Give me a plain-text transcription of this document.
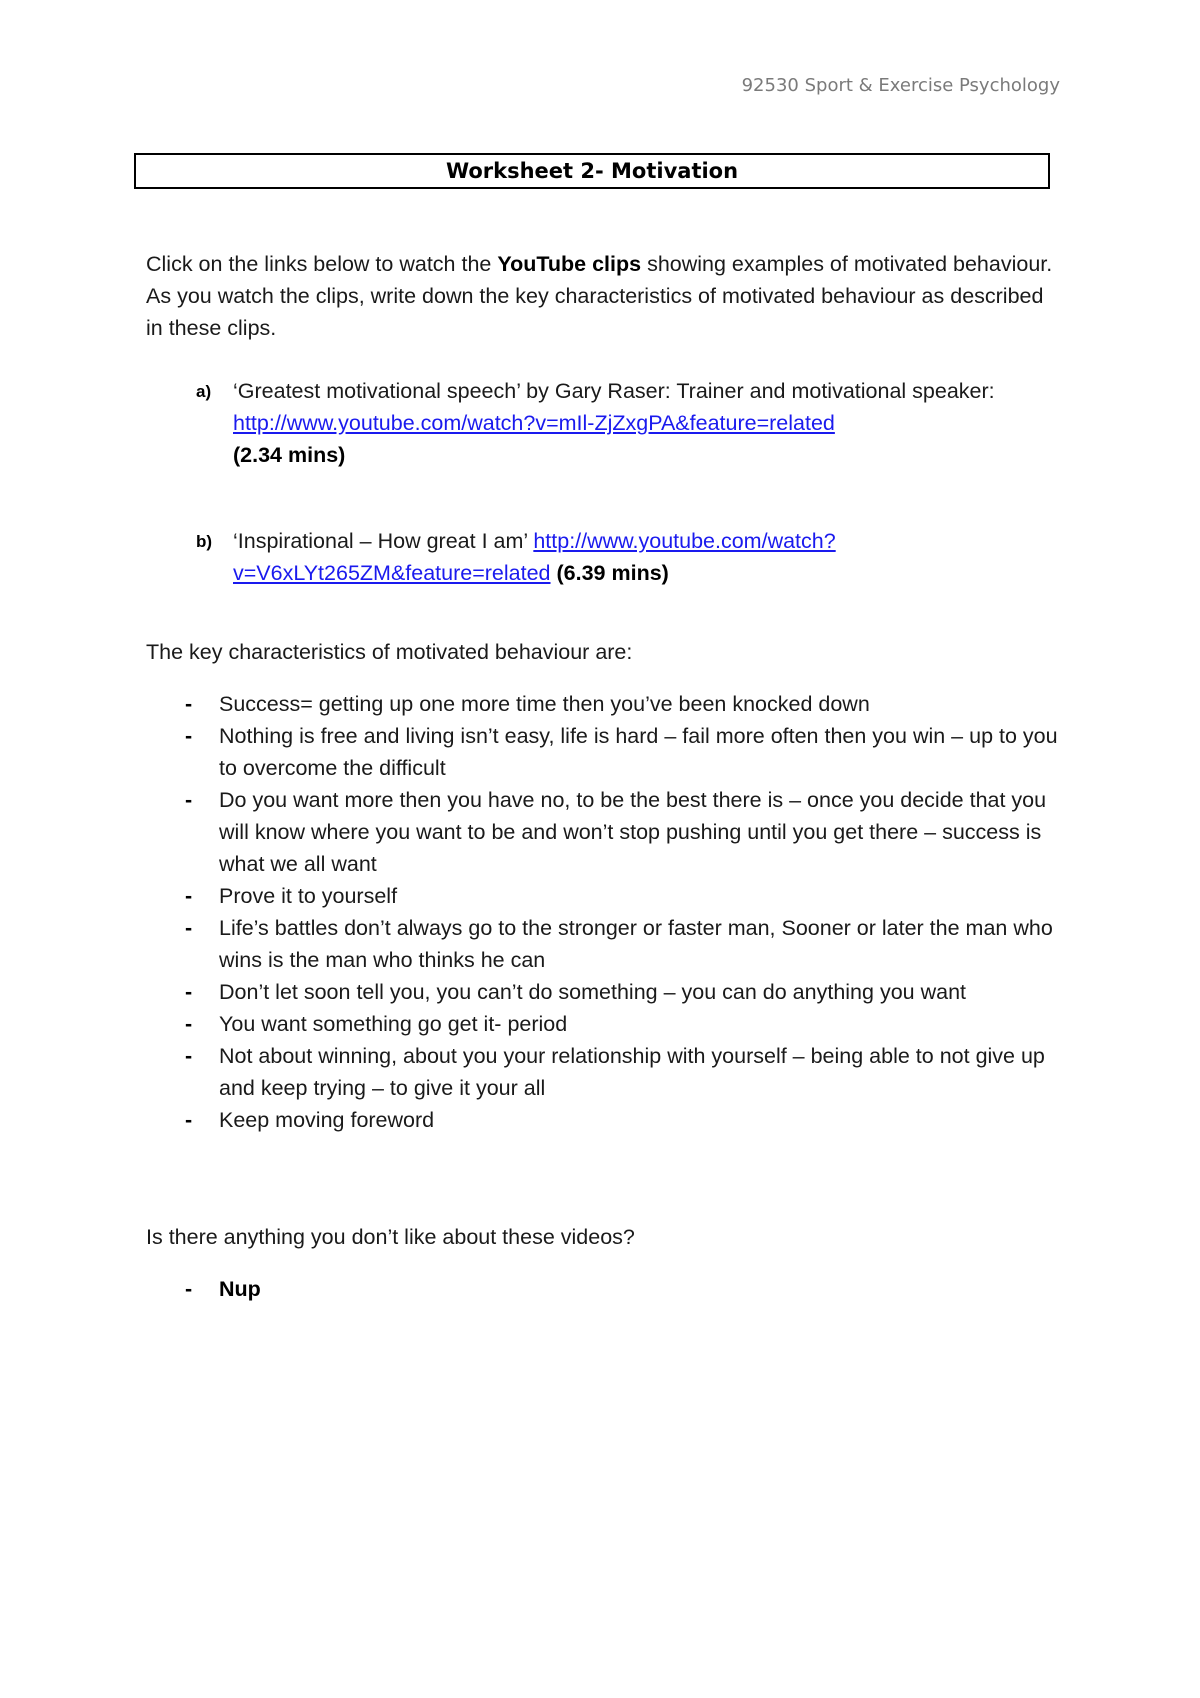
92530 Sport & Exercise Psychology
Worksheet 2- Motivation
Click on the links below to watch the YouTube clips showing examples of motivated behaviour. As you watch the clips, write down the key characteristics of motivated behaviour as described in these clips.
a) ‘Greatest motivational speech’ by Gary Raser: Trainer and motivational speaker: http://www.youtube.com/watch?v=mIl-ZjZxgPA&feature=related
(2.34 mins)
b) ‘Inspirational – How great I am’ http://www.youtube.com/watch?v=V6xLYt265ZM&feature=related (6.39 mins)
The key characteristics of motivated behaviour are:
- Success= getting up one more time then you’ve been knocked down
- Nothing is free and living isn’t easy, life is hard – fail more often then you win – up to you to overcome the difficult
- Do you want more then you have no, to be the best there is – once you decide that you will know where you want to be and won’t stop pushing until you get there – success is what we all want
- Prove it to yourself
- Life’s battles don’t always go to the stronger or faster man, Sooner or later the man who wins is the man who thinks he can
- Don’t let soon tell you, you can’t do something – you can do anything you want
- You want something go get it- period
- Not about winning, about you your relationship with yourself – being able to not give up and keep trying – to give it your all
- Keep moving foreword
Is there anything you don’t like about these videos?
- Nup
